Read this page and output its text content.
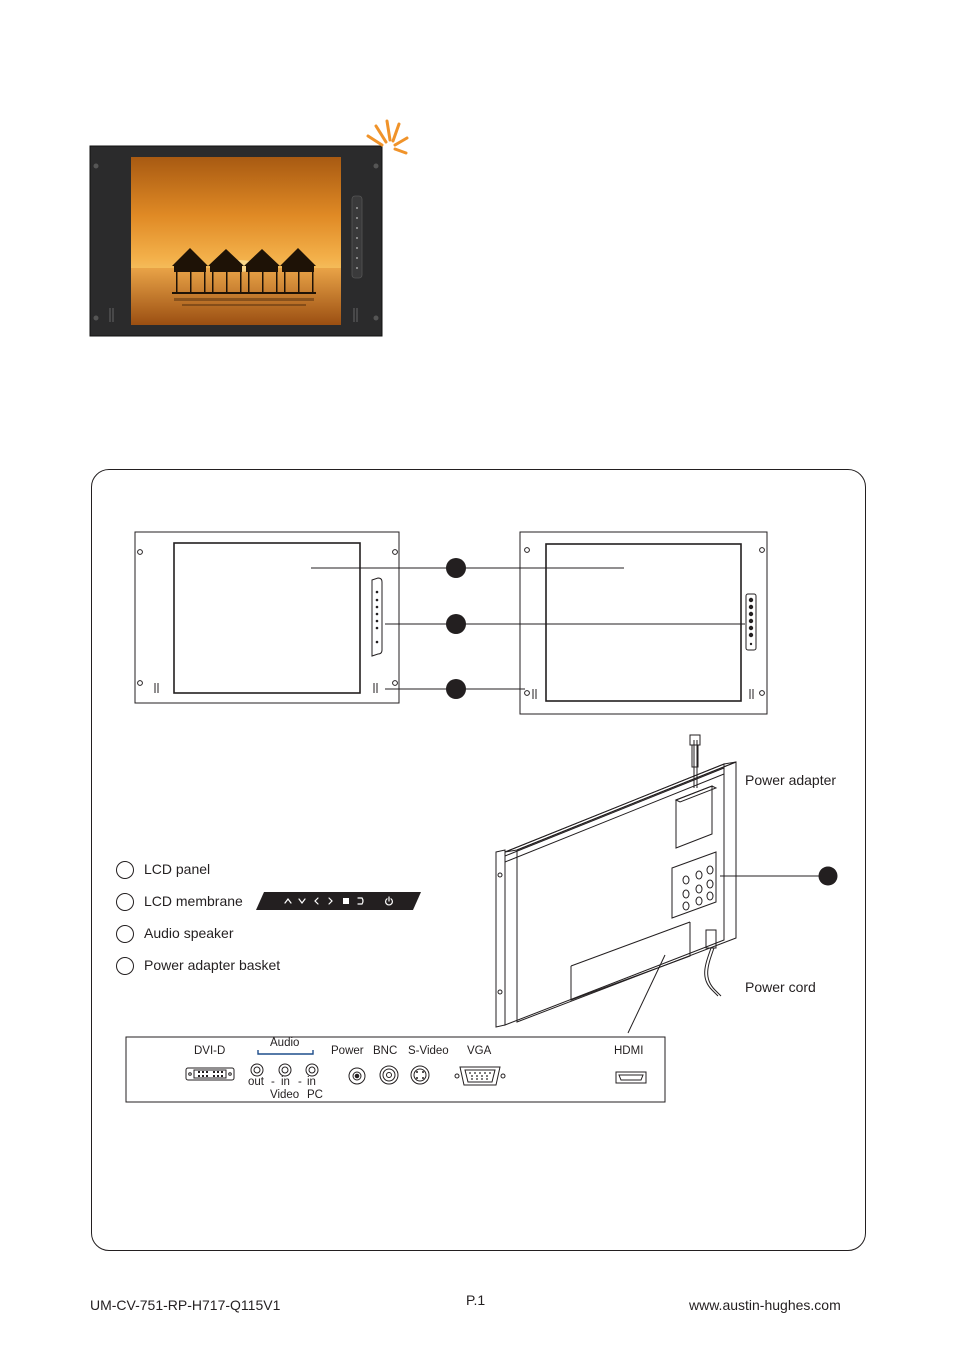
LCD panel
LCD membrane
Audio speaker
Power adapter basket
Power adapter
Power cord
DVI-D
Audio
out - in - in
Video PC
Power BNC S-Video VGA	HDMI
UM-CV-751-RP-H717-Q115V1	P.1	www.austin-hughes.com
